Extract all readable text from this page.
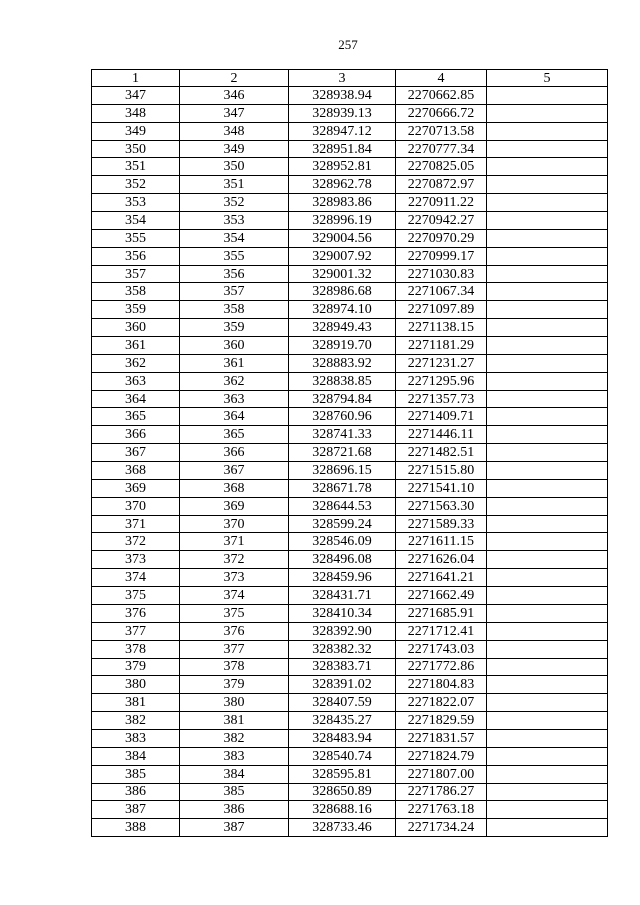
257
1	2	3	4	5
347	346	328938.94	2270662.85	
348	347	328939.13	2270666.72	
349	348	328947.12	2270713.58	
350	349	328951.84	2270777.34	
351	350	328952.81	2270825.05	
352	351	328962.78	2270872.97	
353	352	328983.86	2270911.22	
354	353	328996.19	2270942.27	
355	354	329004.56	2270970.29	
356	355	329007.92	2270999.17	
357	356	329001.32	2271030.83	
358	357	328986.68	2271067.34	
359	358	328974.10	2271097.89	
360	359	328949.43	2271138.15	
361	360	328919.70	2271181.29	
362	361	328883.92	2271231.27	
363	362	328838.85	2271295.96	
364	363	328794.84	2271357.73	
365	364	328760.96	2271409.71	
366	365	328741.33	2271446.11	
367	366	328721.68	2271482.51	
368	367	328696.15	2271515.80	
369	368	328671.78	2271541.10	
370	369	328644.53	2271563.30	
371	370	328599.24	2271589.33	
372	371	328546.09	2271611.15	
373	372	328496.08	2271626.04	
374	373	328459.96	2271641.21	
375	374	328431.71	2271662.49	
376	375	328410.34	2271685.91	
377	376	328392.90	2271712.41	
378	377	328382.32	2271743.03	
379	378	328383.71	2271772.86	
380	379	328391.02	2271804.83	
381	380	328407.59	2271822.07	
382	381	328435.27	2271829.59	
383	382	328483.94	2271831.57	
384	383	328540.74	2271824.79	
385	384	328595.81	2271807.00	
386	385	328650.89	2271786.27	
387	386	328688.16	2271763.18	
388	387	328733.46	2271734.24	
